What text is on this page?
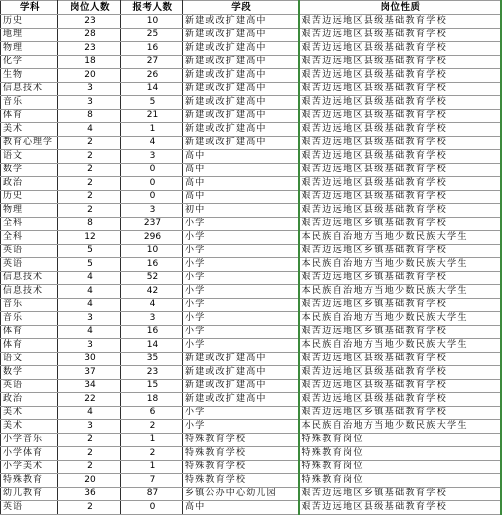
学科	岗位人数	报考人数	学段	岗位性质
历史	23	10	新建或改扩建高中	艰苦边远地区县级基础教育学校
地理	28	25	新建或改扩建高中	艰苦边远地区县级基础教育学校
物理	23	16	新建或改扩建高中	艰苦边远地区县级基础教育学校
化学	18	27	新建或改扩建高中	艰苦边远地区县级基础教育学校
生物	20	26	新建或改扩建高中	艰苦边远地区县级基础教育学校
信息技术	3	14	新建或改扩建高中	艰苦边远地区县级基础教育学校
音乐	3	5	新建或改扩建高中	艰苦边远地区县级基础教育学校
体育	8	21	新建或改扩建高中	艰苦边远地区县级基础教育学校
美术	4	1	新建或改扩建高中	艰苦边远地区县级基础教育学校
教育心理学	2	4	新建或改扩建高中	艰苦边远地区县级基础教育学校
语文	2	3	高中	艰苦边远地区县级基础教育学校
数学	2	0	高中	艰苦边远地区县级基础教育学校
政治	2	0	高中	艰苦边远地区县级基础教育学校
历史	2	0	高中	艰苦边远地区县级基础教育学校
物理	2	3	初中	艰苦边远地区县级基础教育学校
全科	8	237	小学	艰苦边远地区乡镇基础教育学校
全科	12	296	小学	本民族自治地方当地少数民族大学生
英语	5	10	小学	艰苦边远地区乡镇基础教育学校
英语	5	16	小学	本民族自治地方当地少数民族大学生
信息技术	4	52	小学	艰苦边远地区乡镇基础教育学校
信息技术	4	42	小学	本民族自治地方当地少数民族大学生
音乐	4	4	小学	艰苦边远地区乡镇基础教育学校
音乐	3	3	小学	本民族自治地方当地少数民族大学生
体育	4	16	小学	艰苦边远地区乡镇基础教育学校
体育	3	14	小学	本民族自治地方当地少数民族大学生
语文	30	35	新建或改扩建高中	艰苦边远地区县级基础教育学校
数学	37	23	新建或改扩建高中	艰苦边远地区县级基础教育学校
英语	34	15	新建或改扩建高中	艰苦边远地区县级基础教育学校
政治	22	18	新建或改扩建高中	艰苦边远地区县级基础教育学校
美术	4	6	小学	艰苦边远地区乡镇基础教育学校
美术	3	2	小学	本民族自治地方当地少数民族大学生
小学音乐	2	1	特殊教育学校	特殊教育岗位
小学体育	2	2	特殊教育学校	特殊教育岗位
小学美术	2	1	特殊教育学校	特殊教育岗位
特殊教育	20	7	特殊教育学校	特殊教育岗位
幼儿教育	36	87	乡镇公办中心幼儿园	艰苦边远地区乡镇基础教育学校
英语	2	0	高中	艰苦边远地区县级基础教育学校
